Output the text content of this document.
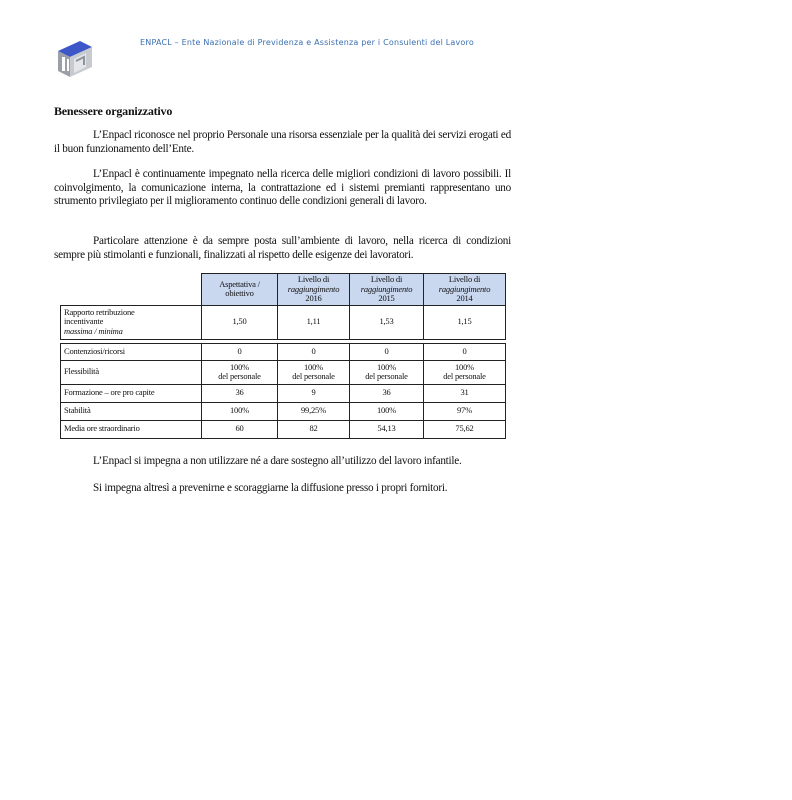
ENPACL – Ente Nazionale di Previdenza e Assistenza per i Consulenti del Lavoro
Benessere organizzativo
L’Enpacl riconosce nel proprio Personale una risorsa essenziale per la qualità dei servizi erogati ed il buon funzionamento dell’Ente.
L’Enpacl è continuamente impegnato nella ricerca delle migliori condizioni di lavoro possibili. Il coinvolgimento, la comunicazione interna, la contrattazione ed i sistemi premianti rappresentano uno strumento privilegiato per il miglioramento continuo delle condizioni generali di lavoro.
Particolare attenzione è da sempre posta sull’ambiente di lavoro, nella ricerca di condizioni sempre più stimolanti e funzionali, finalizzati al rispetto delle esigenze dei lavoratori.
	Aspettativa /
obiettivo	Livello di
raggiungimento
2016	Livello di
raggiungimento
2015	Livello di
raggiungimento
2014
Rapporto retribuzione
incentivante
massima / minima	1,50	1,11	1,53	1,15

Contenziosi/ricorsi	0	0	0	0
Flessibilità	100%
del personale	100%
del personale	100%
del personale	100%
del personale
Formazione – ore pro capite	36	9	36	31
Stabilità	100%	99,25%	100%	97%
Media ore straordinario	60	82	54,13	75,62
L’Enpacl si impegna a non utilizzare né a dare sostegno all’utilizzo del lavoro infantile.
Si impegna altresì a prevenirne e scoraggiarne la diffusione presso i propri fornitori.
